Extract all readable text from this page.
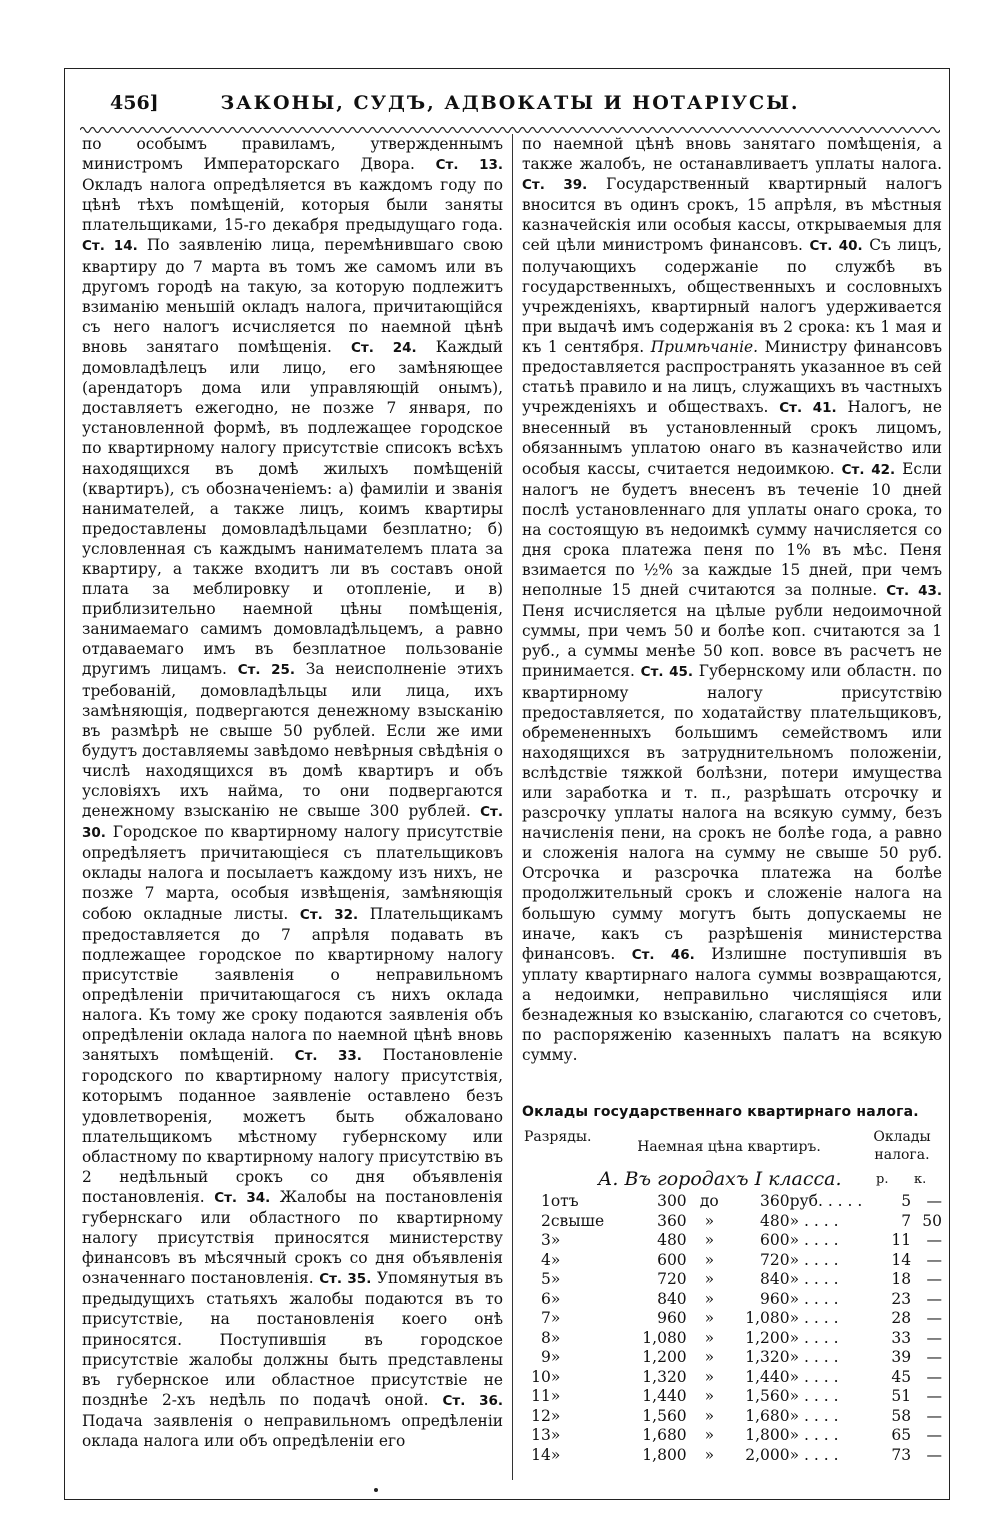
456]	ЗАКОНЫ, СУДЪ, АДВОКАТЫ И НОТАРІУСЫ.

по особымъ правиламъ, утвержденнымъ министромъ Императорскаго Двора. Ст. 13. Окладъ налога опредѣляется въ каждомъ году по цѣнѣ тѣхъ помѣщеній, которыя были заняты плательщиками, 15-го декабря предыдущаго года. Ст. 14. По заявленію лица, перемѣнившаго свою квартиру до 7 марта въ томъ же самомъ или въ другомъ городѣ на такую, за которую подлежитъ взиманію меньшій окладъ налога, причитающійся съ него налогъ исчисляется по наемной цѣнѣ вновь занятаго помѣщенія. Ст. 24. Каждый домовладѣлецъ или лицо, его замѣняющее (арендаторъ дома или управляющій онымъ), доставляетъ ежегодно, не позже 7 января, по установленной формѣ, въ подлежащее городское по квартирному налогу присутствіе списокъ всѣхъ находящихся въ домѣ жилыхъ помѣщеній (квартиръ), съ обозначеніемъ: а) фамиліи и званія нанимателей, а также лицъ, коимъ квартиры предоставлены домовладѣльцами безплатно; б) условленная съ каждымъ нанимателемъ плата за квартиру, а также входитъ ли въ составъ оной плата за меблировку и отопленіе, и в) приблизительно наемной цѣны помѣщенія, занимаемаго самимъ домовладѣльцемъ, а равно отдаваемаго имъ въ безплатное пользованіе другимъ лицамъ. Ст. 25. За неисполненіе этихъ требованій, домовладѣльцы или лица, ихъ замѣняющія, подвергаются денежному взысканію въ размѣрѣ не свыше 50 рублей. Если же ими будутъ доставляемы завѣдомо невѣрныя свѣдѣнія о числѣ находящихся въ домѣ квартиръ и объ условіяхъ ихъ найма, то они подвергаются денежному взысканію не свыше 300 рублей. Ст. 30. Городское по квартирному налогу присутствіе опредѣляетъ причитающіеся съ плательщиковъ оклады налога и посылаетъ каждому изъ нихъ, не позже 7 марта, особыя извѣщенія, замѣняющія собою окладные листы. Ст. 32. Плательщикамъ предоставляется до 7 апрѣля подавать въ подлежащее городское по квартирному налогу присутствіе заявленія о неправильномъ опредѣленіи причитающагося съ нихъ оклада налога. Къ тому же сроку подаются заявленія объ опредѣленіи оклада налога по наемной цѣнѣ вновь занятыхъ помѣщеній. Ст. 33. Постановленіе городского по квартирному налогу присутствія, которымъ поданное заявленіе оставлено безъ удовлетворенія, можетъ быть обжаловано плательщикомъ мѣстному губернскому или областному по квартирному налогу присутствію въ 2 недѣльный срокъ со дня объявленія постановленія. Ст. 34. Жалобы на постановленія губернскаго или областного по квартирному налогу присутствія приносятся министерству финансовъ въ мѣсячный срокъ со дня объявленія означеннаго постановленія. Ст. 35. Упомянутыя въ предыдущихъ статьяхъ жалобы подаются въ то присутствіе, на постановленія коего онѣ приносятся. Поступившія въ городское присутствіе жалобы должны быть представлены въ губернское или областное присутствіе не позднѣе 2-хъ недѣль по подачѣ оной. Ст. 36. Подача заявленія о неправильномъ опредѣленіи оклада налога или объ опредѣленіи его

по наемной цѣнѣ вновь занятаго помѣщенія, а также жалобъ, не останавливаетъ уплаты налога. Ст. 39. Государственный квартирный налогъ вносится въ одинъ срокъ, 15 апрѣля, въ мѣстныя казначейскія или особыя кассы, открываемыя для сей цѣли министромъ финансовъ. Ст. 40. Съ лицъ, получающихъ содержаніе по службѣ въ государственныхъ, общественныхъ и сословныхъ учрежденіяхъ, квартирный налогъ удерживается при выдачѣ имъ содержанія въ 2 срока: къ 1 мая и къ 1 сентября. Примѣчаніе. Министру финансовъ предоставляется распространять указанное въ сей статьѣ правило и на лицъ, служащихъ въ частныхъ учрежденіяхъ и обществахъ. Ст. 41. Налогъ, не внесенный въ установленный срокъ лицомъ, обязаннымъ уплатою онаго въ казначейство или особыя кассы, считается недоимкою. Ст. 42. Если налогъ не будетъ внесенъ въ теченіе 10 дней послѣ установленнаго для уплаты онаго срока, то на состоящую въ недоимкѣ сумму начисляется со дня срока платежа пеня по 1% въ мѣс. Пеня взимается по ½% за каждые 15 дней, при чемъ неполные 15 дней считаются за полные. Ст. 43. Пеня исчисляется на цѣлые рубли недоимочной суммы, при чемъ 50 и болѣе коп. считаются за 1 руб., а суммы менѣе 50 коп. вовсе въ расчетъ не принимается. Ст. 45. Губернскому или областн. по квартирному налогу присутствію предоставляется, по ходатайству плательщиковъ, обремененныхъ большимъ семействомъ или находящихся въ затруднительномъ положеніи, вслѣдствіе тяжкой болѣзни, потери имущества или заработка и т. п., разрѣшать отсрочку и разсрочку уплаты налога на всякую сумму, безъ начисленія пени, на срокъ не болѣе года, а равно и сложенія налога на сумму не свыше 50 руб. Отсрочка и разсрочка платежа на болѣе продолжительный срокъ и сложеніе налога на большую сумму могутъ быть допускаемы не иначе, какъ съ разрѣшенія министерства финансовъ. Ст. 46. Излишне поступившія въ уплату квартирнаго налога суммы возвращаются, а недоимки, неправильно числящіяся или безнадежныя ко взысканію, слагаются со счетовъ, по распоряженію казенныхъ палатъ на всякую сумму.

Оклады государственнаго квартирнаго налога.
Разряды.
Наемная цѣна квартиръ.
Оклады налога.
А. Въ городахъ I класса.	р. к.
1	отъ	300	до	360	руб. . . . .	5	—
2	свыше	360	»	480	» . . . .	7	50
3	»	480	»	600	» . . . .	11	—
4	»	600	»	720	» . . . .	14	—
5	»	720	»	840	» . . . .	18	—
6	»	840	»	960	» . . . .	23	—
7	»	960	»	1,080	» . . . .	28	—
8	»	1,080	»	1,200	» . . . .	33	—
9	»	1,200	»	1,320	» . . . .	39	—
10	»	1,320	»	1,440	» . . . .	45	—
11	»	1,440	»	1,560	» . . . .	51	—
12	»	1,560	»	1,680	» . . . .	58	—
13	»	1,680	»	1,800	» . . . .	65	—
14	»	1,800	»	2,000	» . . . .	73	—
